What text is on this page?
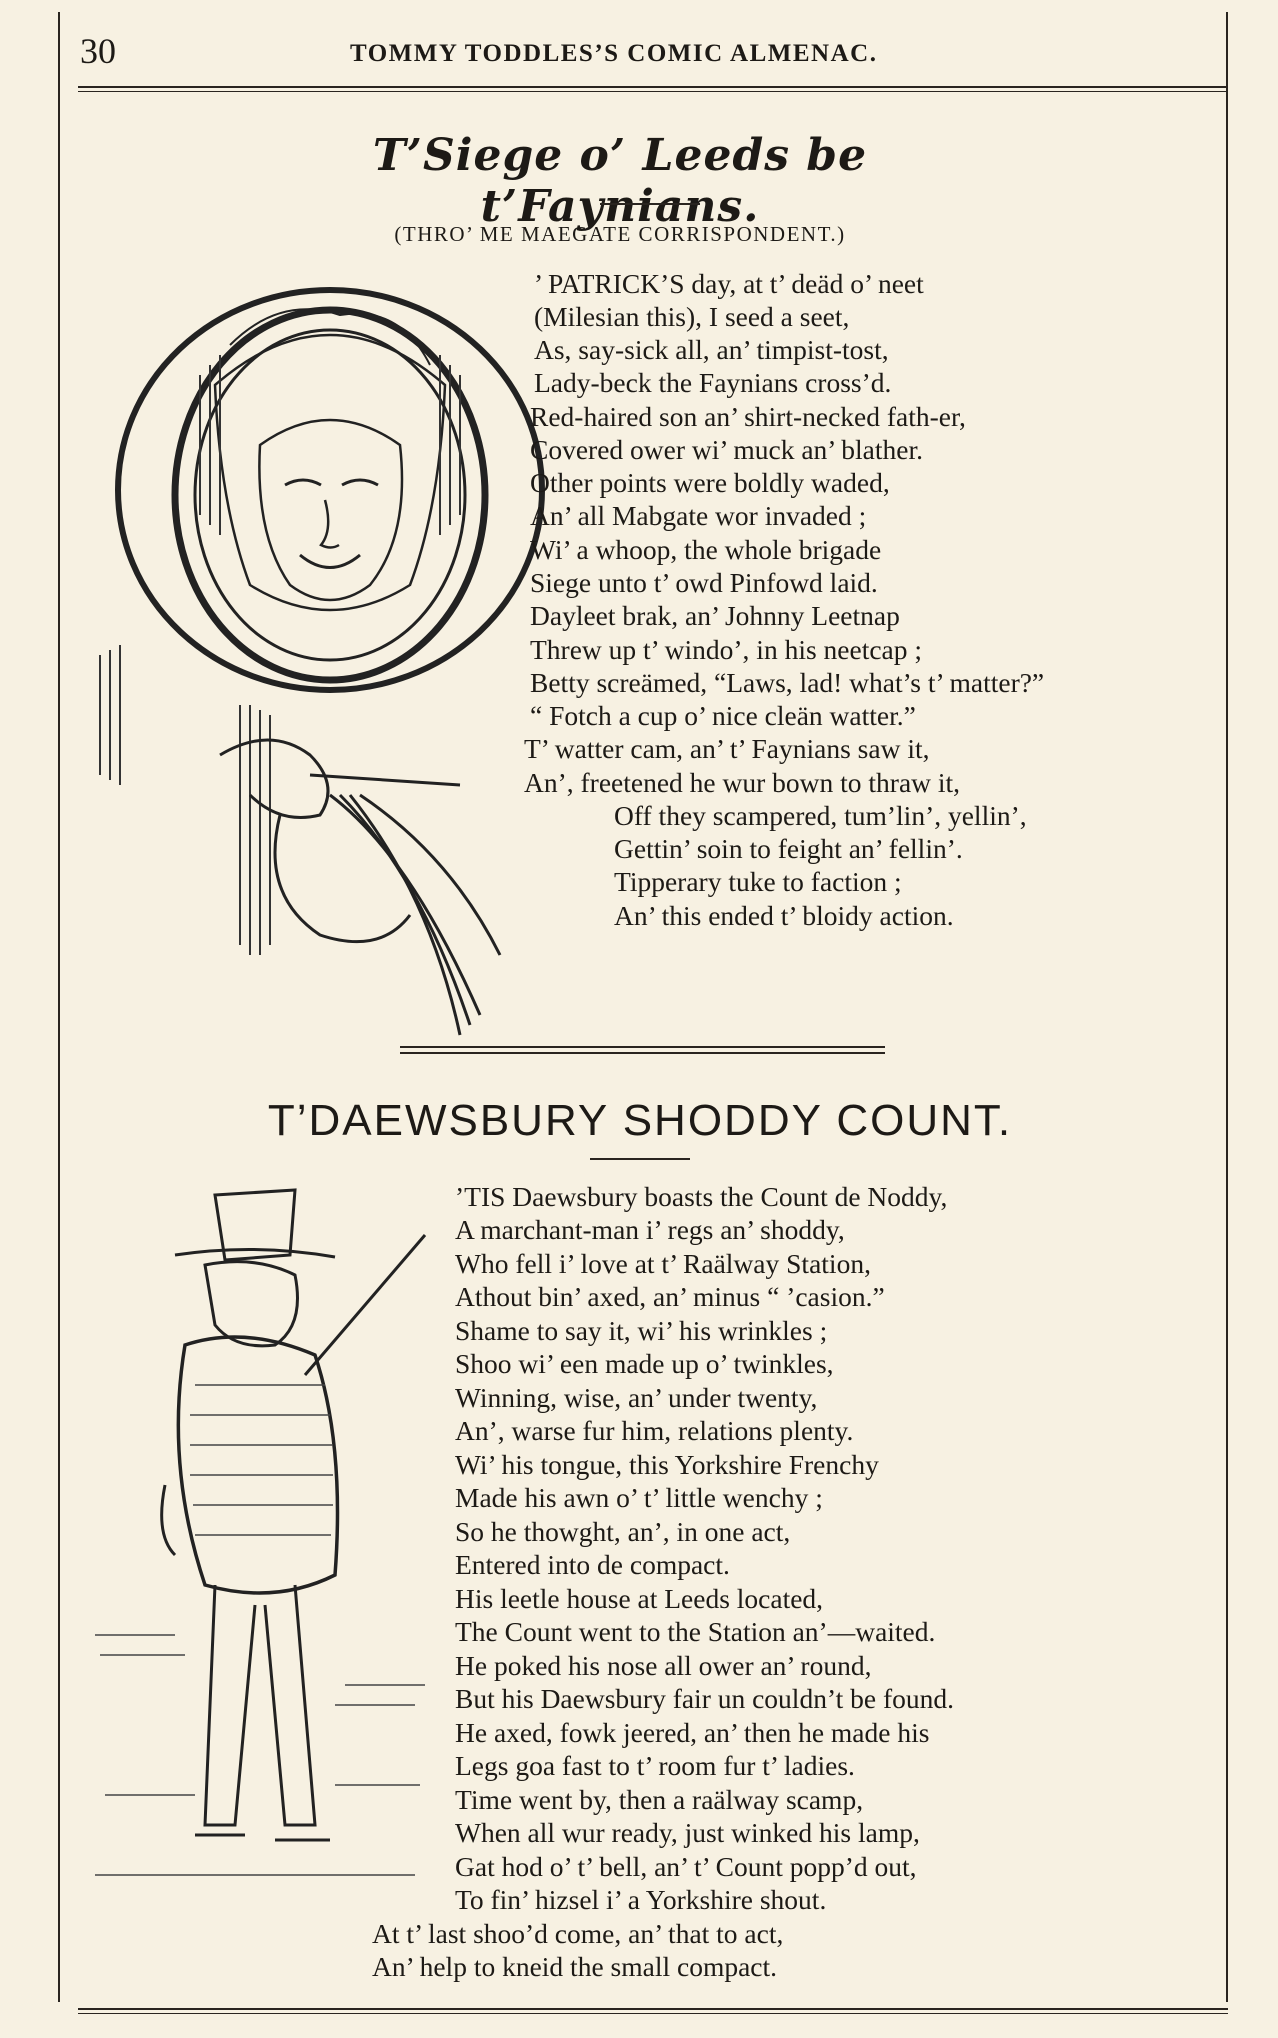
30	TOMMY TODDLES’S COMIC ALMENAC.
T’Siege o’ Leeds be t’Faynians.
(THRO’ ME MAEGATE CORRISPONDENT.)
’ PATRICK’S day, at t’ deäd o’ neet
(Milesian this), I seed a seet,
As, say-sick all, an’ timpist-tost,
Lady-beck the Faynians cross’d.
Red-haired son an’ shirt-necked fath-er,
Covered ower wi’ muck an’ blather.
Other points were boldly waded,
An’ all Mabgate wor invaded ;
Wi’ a whoop, the whole brigade
Siege unto t’ owd Pinfowd laid.
Dayleet brak, an’ Johnny Leetnap
Threw up t’ windo’, in his neetcap ;
Betty screämed, “Laws, lad! what’s t’ matter?”
“ Fotch a cup o’ nice cleän watter.”
T’ watter cam, an’ t’ Faynians saw it,
An’, freetened he wur bown to thraw it,
Off they scampered, tum’lin’, yellin’,
Gettin’ soin to feight an’ fellin’.
Tipperary tuke to faction ;
An’ this ended t’ bloidy action.
T’DAEWSBURY SHODDY COUNT.
’TIS Daewsbury boasts the Count de Noddy,
A marchant-man i’ regs an’ shoddy,
Who fell i’ love at t’ Raälway Station,
Athout bin’ axed, an’ minus “ ’casion.”
Shame to say it, wi’ his wrinkles ;
Shoo wi’ een made up o’ twinkles,
Winning, wise, an’ under twenty,
An’, warse fur him, relations plenty.
Wi’ his tongue, this Yorkshire Frenchy
Made his awn o’ t’ little wenchy ;
So he thowght, an’, in one act,
Entered into de compact.
His leetle house at Leeds located,
The Count went to the Station an’—waited.
He poked his nose all ower an’ round,
But his Daewsbury fair un couldn’t be found.
He axed, fowk jeered, an’ then he made his
Legs goa fast to t’ room fur t’ ladies.
Time went by, then a raälway scamp,
When all wur ready, just winked his lamp,
Gat hod o’ t’ bell, an’ t’ Count popp’d out,
To fin’ hizsel i’ a Yorkshire shout.
At t’ last shoo’d come, an’ that to act,
An’ help to kneid the small compact.
